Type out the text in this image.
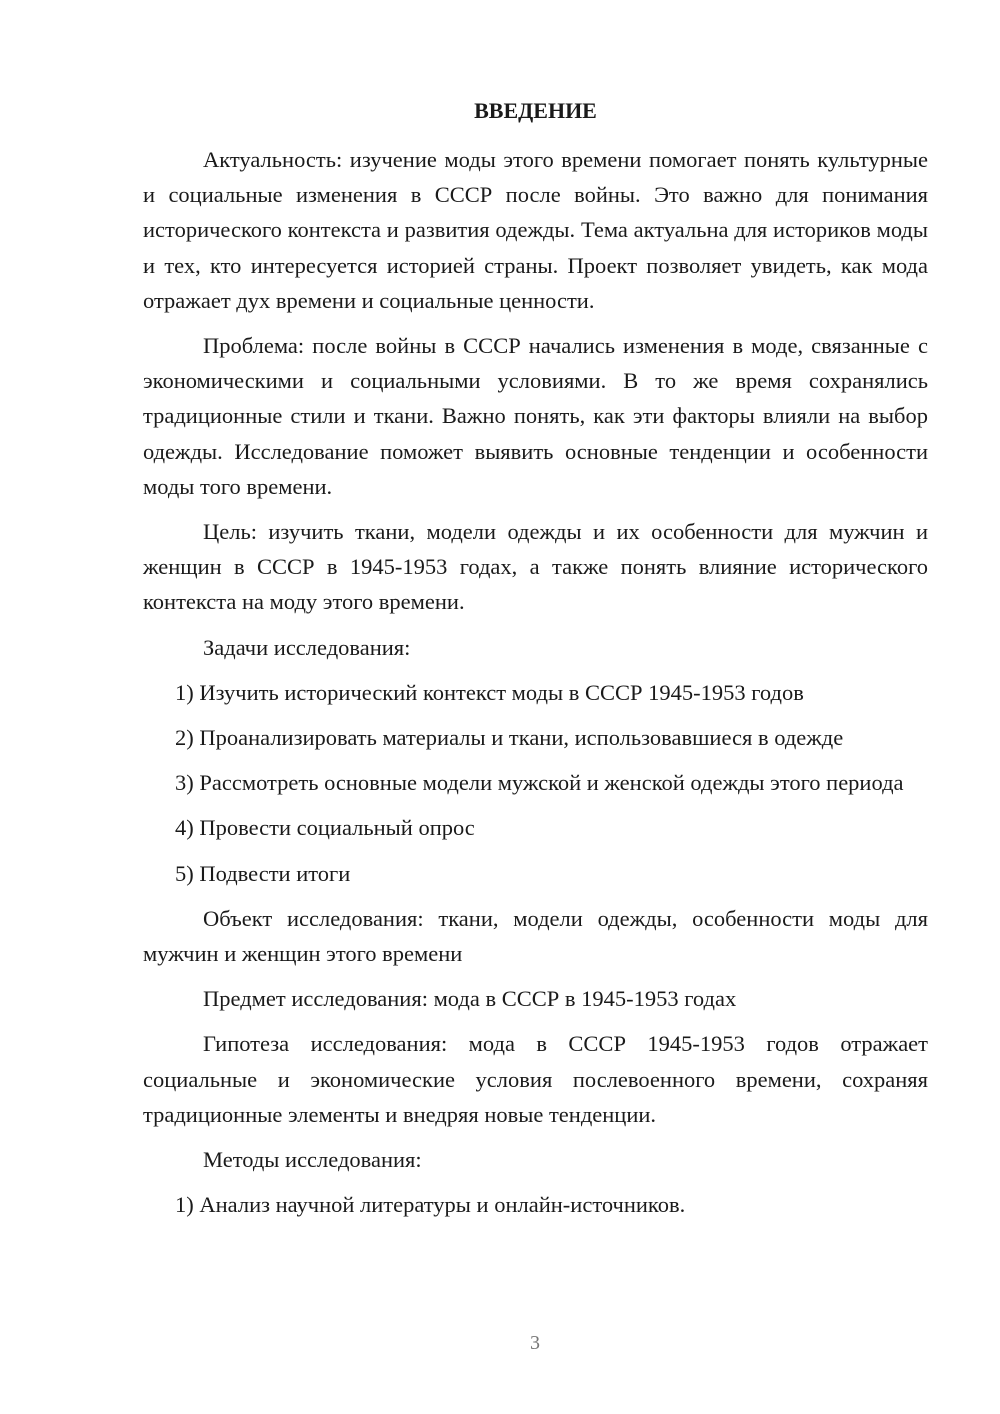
ВВЕДЕНИЕ

Актуальность: изучение моды этого времени помогает понять культурные и социальные изменения в СССР после войны. Это важно для понимания исторического контекста и развития одежды. Тема актуальна для историков моды и тех, кто интересуется историей страны. Проект позволяет увидеть, как мода отражает дух времени и социальные ценности.

Проблема: после войны в СССР начались изменения в моде, связанные с экономическими и социальными условиями. В то же время сохранялись традиционные стили и ткани. Важно понять, как эти факторы влияли на выбор одежды. Исследование поможет выявить основные тенденции и особенности моды того времени.

Цель: изучить ткани, модели одежды и их особенности для мужчин и женщин в СССР в 1945-1953 годах, а также понять влияние исторического контекста на моду этого времени.

Задачи исследования:

1) Изучить исторический контекст моды в СССР 1945-1953 годов

2) Проанализировать материалы и ткани, использовавшиеся в одежде

3) Рассмотреть основные модели мужской и женской одежды этого периода

4) Провести социальный опрос

5) Подвести итоги

Объект исследования: ткани, модели одежды, особенности моды для мужчин и женщин этого времени

Предмет исследования: мода в СССР в 1945-1953 годах

Гипотеза исследования: мода в СССР 1945-1953 годов отражает социальные и экономические условия послевоенного времени, сохраняя традиционные элементы и внедряя новые тенденции.

Методы исследования:

1) Анализ научной литературы и онлайн-источников.

3
